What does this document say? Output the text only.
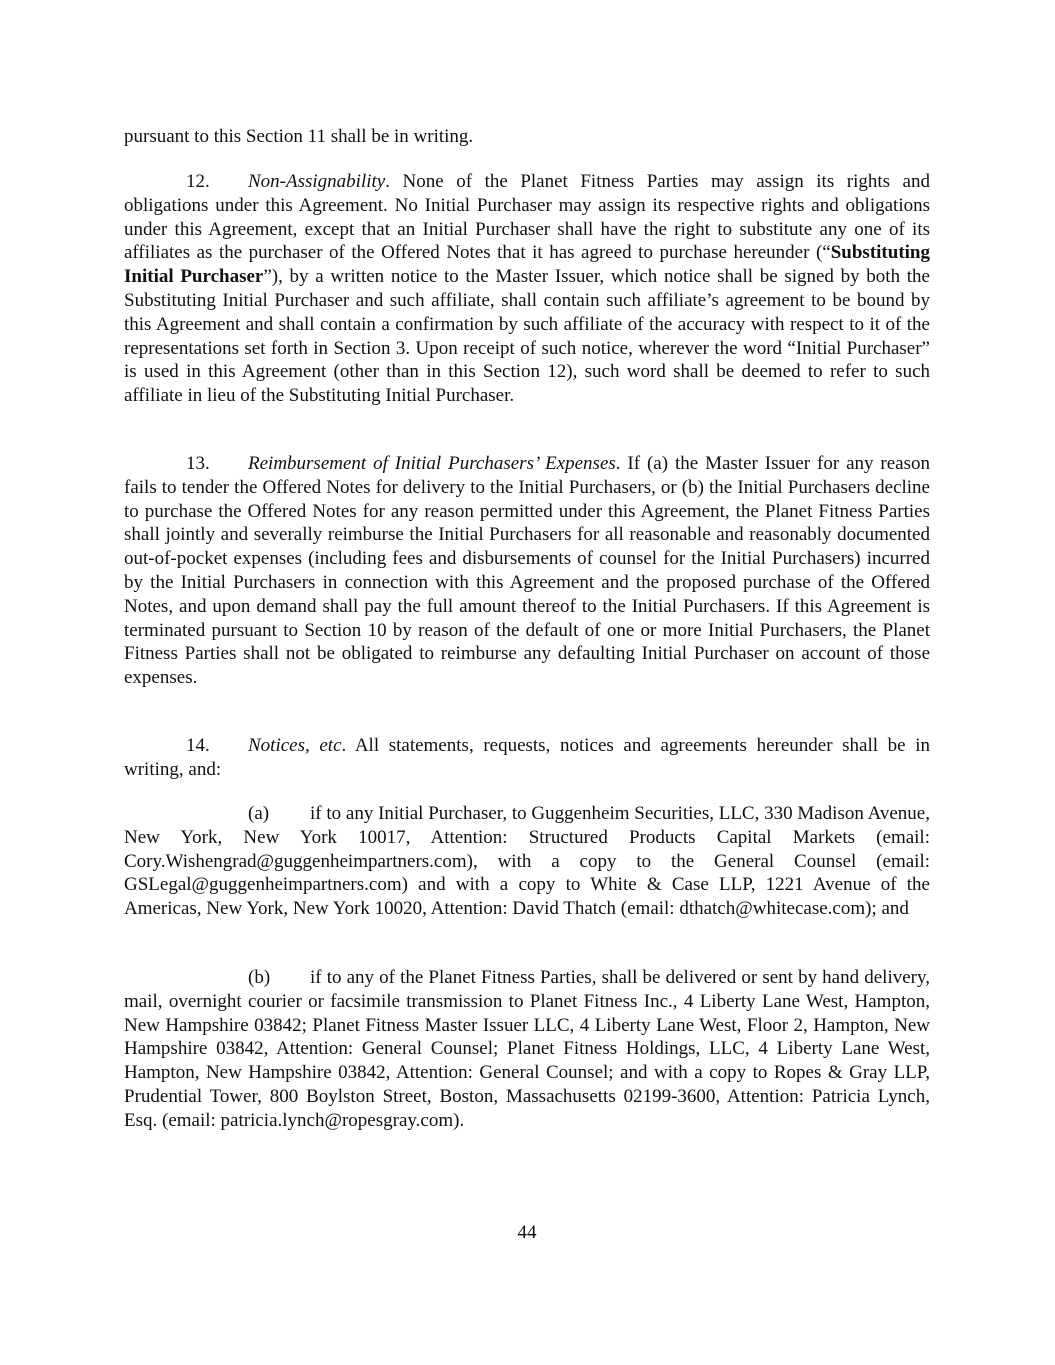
pursuant to this Section 11 shall be in writing.
12. Non-Assignability. None of the Planet Fitness Parties may assign its rights and obligations under this Agreement. No Initial Purchaser may assign its respective rights and obligations under this Agreement, except that an Initial Purchaser shall have the right to substitute any one of its affiliates as the purchaser of the Offered Notes that it has agreed to purchase hereunder (“Substituting Initial Purchaser”), by a written notice to the Master Issuer, which notice shall be signed by both the Substituting Initial Purchaser and such affiliate, shall contain such affiliate’s agreement to be bound by this Agreement and shall contain a confirmation by such affiliate of the accuracy with respect to it of the representations set forth in Section 3. Upon receipt of such notice, wherever the word “Initial Purchaser” is used in this Agreement (other than in this Section 12), such word shall be deemed to refer to such affiliate in lieu of the Substituting Initial Purchaser.
13. Reimbursement of Initial Purchasers’ Expenses. If (a) the Master Issuer for any reason fails to tender the Offered Notes for delivery to the Initial Purchasers, or (b) the Initial Purchasers decline to purchase the Offered Notes for any reason permitted under this Agreement, the Planet Fitness Parties shall jointly and severally reimburse the Initial Purchasers for all reasonable and reasonably documented out-of-pocket expenses (including fees and disbursements of counsel for the Initial Purchasers) incurred by the Initial Purchasers in connection with this Agreement and the proposed purchase of the Offered Notes, and upon demand shall pay the full amount thereof to the Initial Purchasers. If this Agreement is terminated pursuant to Section 10 by reason of the default of one or more Initial Purchasers, the Planet Fitness Parties shall not be obligated to reimburse any defaulting Initial Purchaser on account of those expenses.
14. Notices, etc. All statements, requests, notices and agreements hereunder shall be in writing, and:
(a) if to any Initial Purchaser, to Guggenheim Securities, LLC, 330 Madison Avenue, New York, New York 10017, Attention: Structured Products Capital Markets (email: Cory.Wishengrad@guggenheimpartners.com), with a copy to the General Counsel (email: GSLegal@guggenheimpartners.com) and with a copy to White & Case LLP, 1221 Avenue of the Americas, New York, New York 10020, Attention: David Thatch (email: dthatch@whitecase.com); and
(b) if to any of the Planet Fitness Parties, shall be delivered or sent by hand delivery, mail, overnight courier or facsimile transmission to Planet Fitness Inc., 4 Liberty Lane West, Hampton, New Hampshire 03842; Planet Fitness Master Issuer LLC, 4 Liberty Lane West, Floor 2, Hampton, New Hampshire 03842, Attention: General Counsel; Planet Fitness Holdings, LLC, 4 Liberty Lane West, Hampton, New Hampshire 03842, Attention: General Counsel; and with a copy to Ropes & Gray LLP, Prudential Tower, 800 Boylston Street, Boston, Massachusetts 02199-3600, Attention: Patricia Lynch, Esq. (email: patricia.lynch@ropesgray.com).
44
